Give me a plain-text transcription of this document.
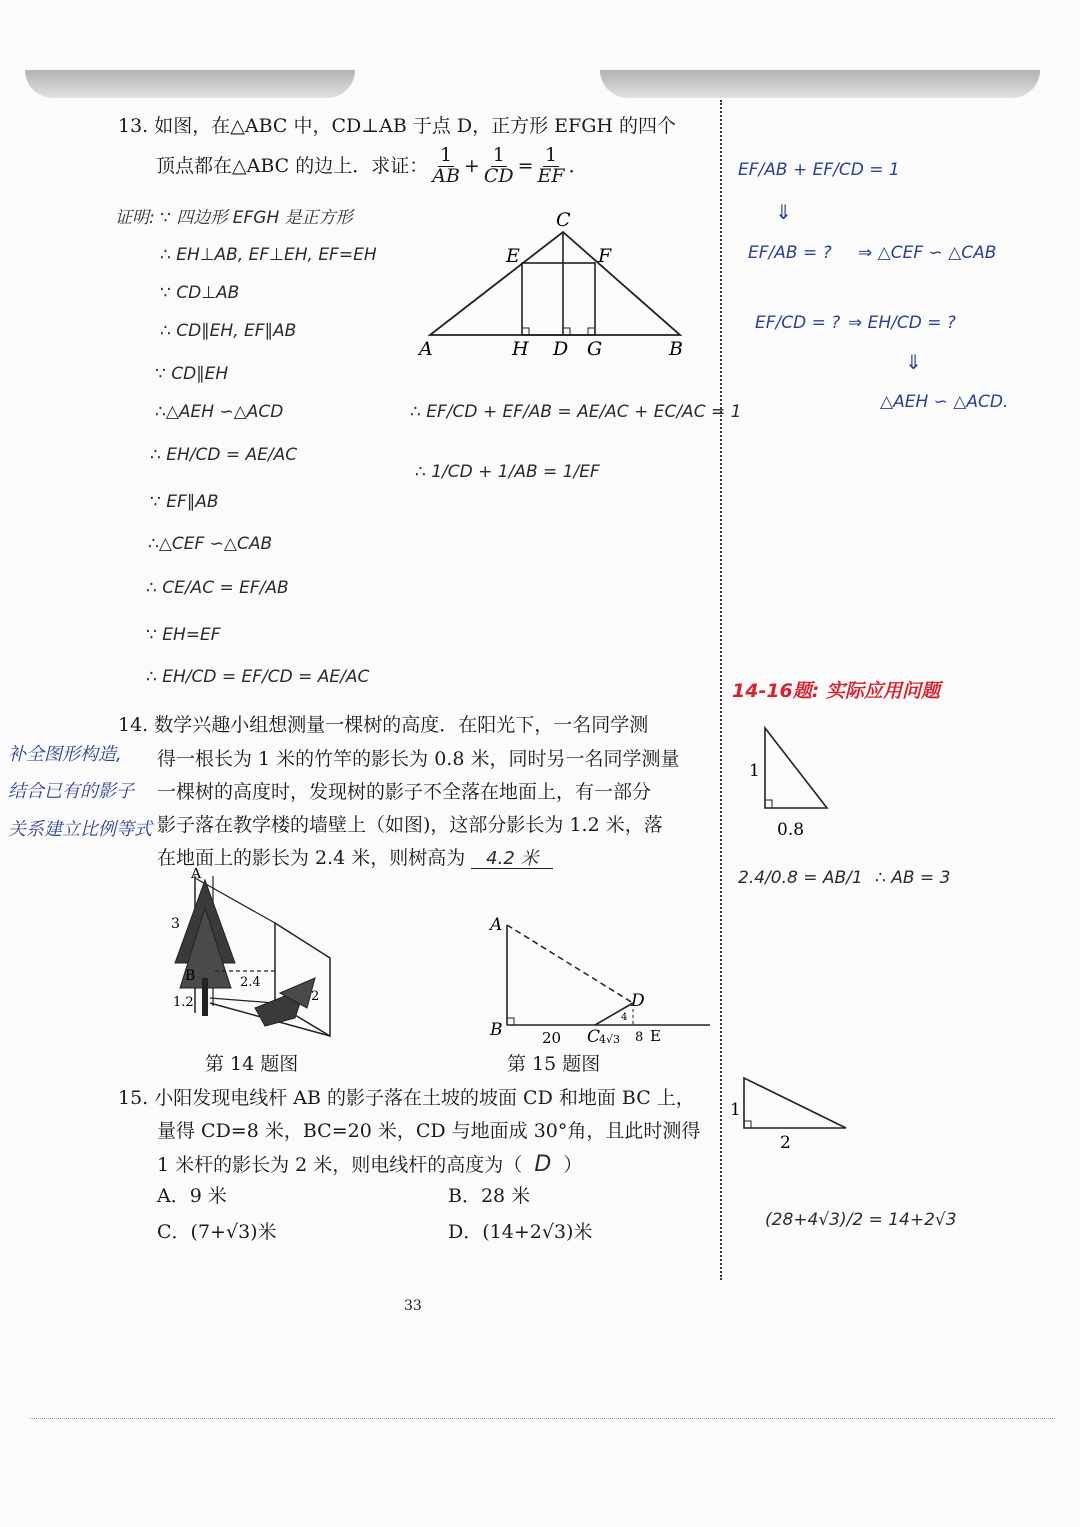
13. 如图，在△ABC 中，CD⊥AB 于点 D，正方形 EFGH 的四个
顶点都在△ABC 的边上．求证： $\frac{1}{AB} + \frac{1}{CD} = \frac{1}{EF}$ ．
C
E	F
A	H D G	B
证明: ∵ 四边形 EFGH 是正方形
∴ EH⊥AB, EF⊥EH, EF=EH
∵ CD⊥AB
∴ CD∥EH, EF∥AB
∵ CD∥EH
∴△AEH ∽△ACD
∴ EH/CD = AE/AC
∵ EF∥AB
∴△CEF ∽△CAB
∴ CE/AC = EF/AB
∵ EH=EF
∴ EH/CD = EF/CD = AE/AC
∴ EF/CD + EF/AB = AE/AC + EC/AC = 1
∴ 1/CD + 1/AB = 1/EF
EF/AB + EF/CD = 1
⇓
EF/AB = ? ⇒ △CEF ∽ △CAB
EF/CD = ? ⇒ EH/CD = ?
⇓
△AEH ∽ △ACD.
14-16题: 实际应用问题
1
0.8
2.4/0.8 = AB/1 ∴ AB = 3
1
2
(28+4√3)/2 = 14+2√3
14. 数学兴趣小组想测量一棵树的高度．在阳光下，一名同学测
得一根长为 1 米的竹竿的影长为 0.8 米，同时另一名同学测量
一棵树的高度时，发现树的影子不全落在地面上，有一部分
影子落在教学楼的墙壁上（如图)，这部分影长为 1.2 米，落
在地面上的影长为 2.4 米，则树高为 4.2 米
补全图形构造,
结合已有的影子
关系建立比例等式
A
B
3
2.4
1.2	2
第 14 题图
A
B	C
D
E
20	4√3 8
4
第 15 题图
15. 小阳发现电线杆 AB 的影子落在土坡的坡面 CD 和地面 BC 上，
量得 CD=8 米，BC=20 米，CD 与地面成 30°角，且此时测得
1 米杆的影长为 2 米，则电线杆的高度为（ D ）
A．9 米	B．28 米
C．(7+√3)米	D．(14+2√3)米
33
